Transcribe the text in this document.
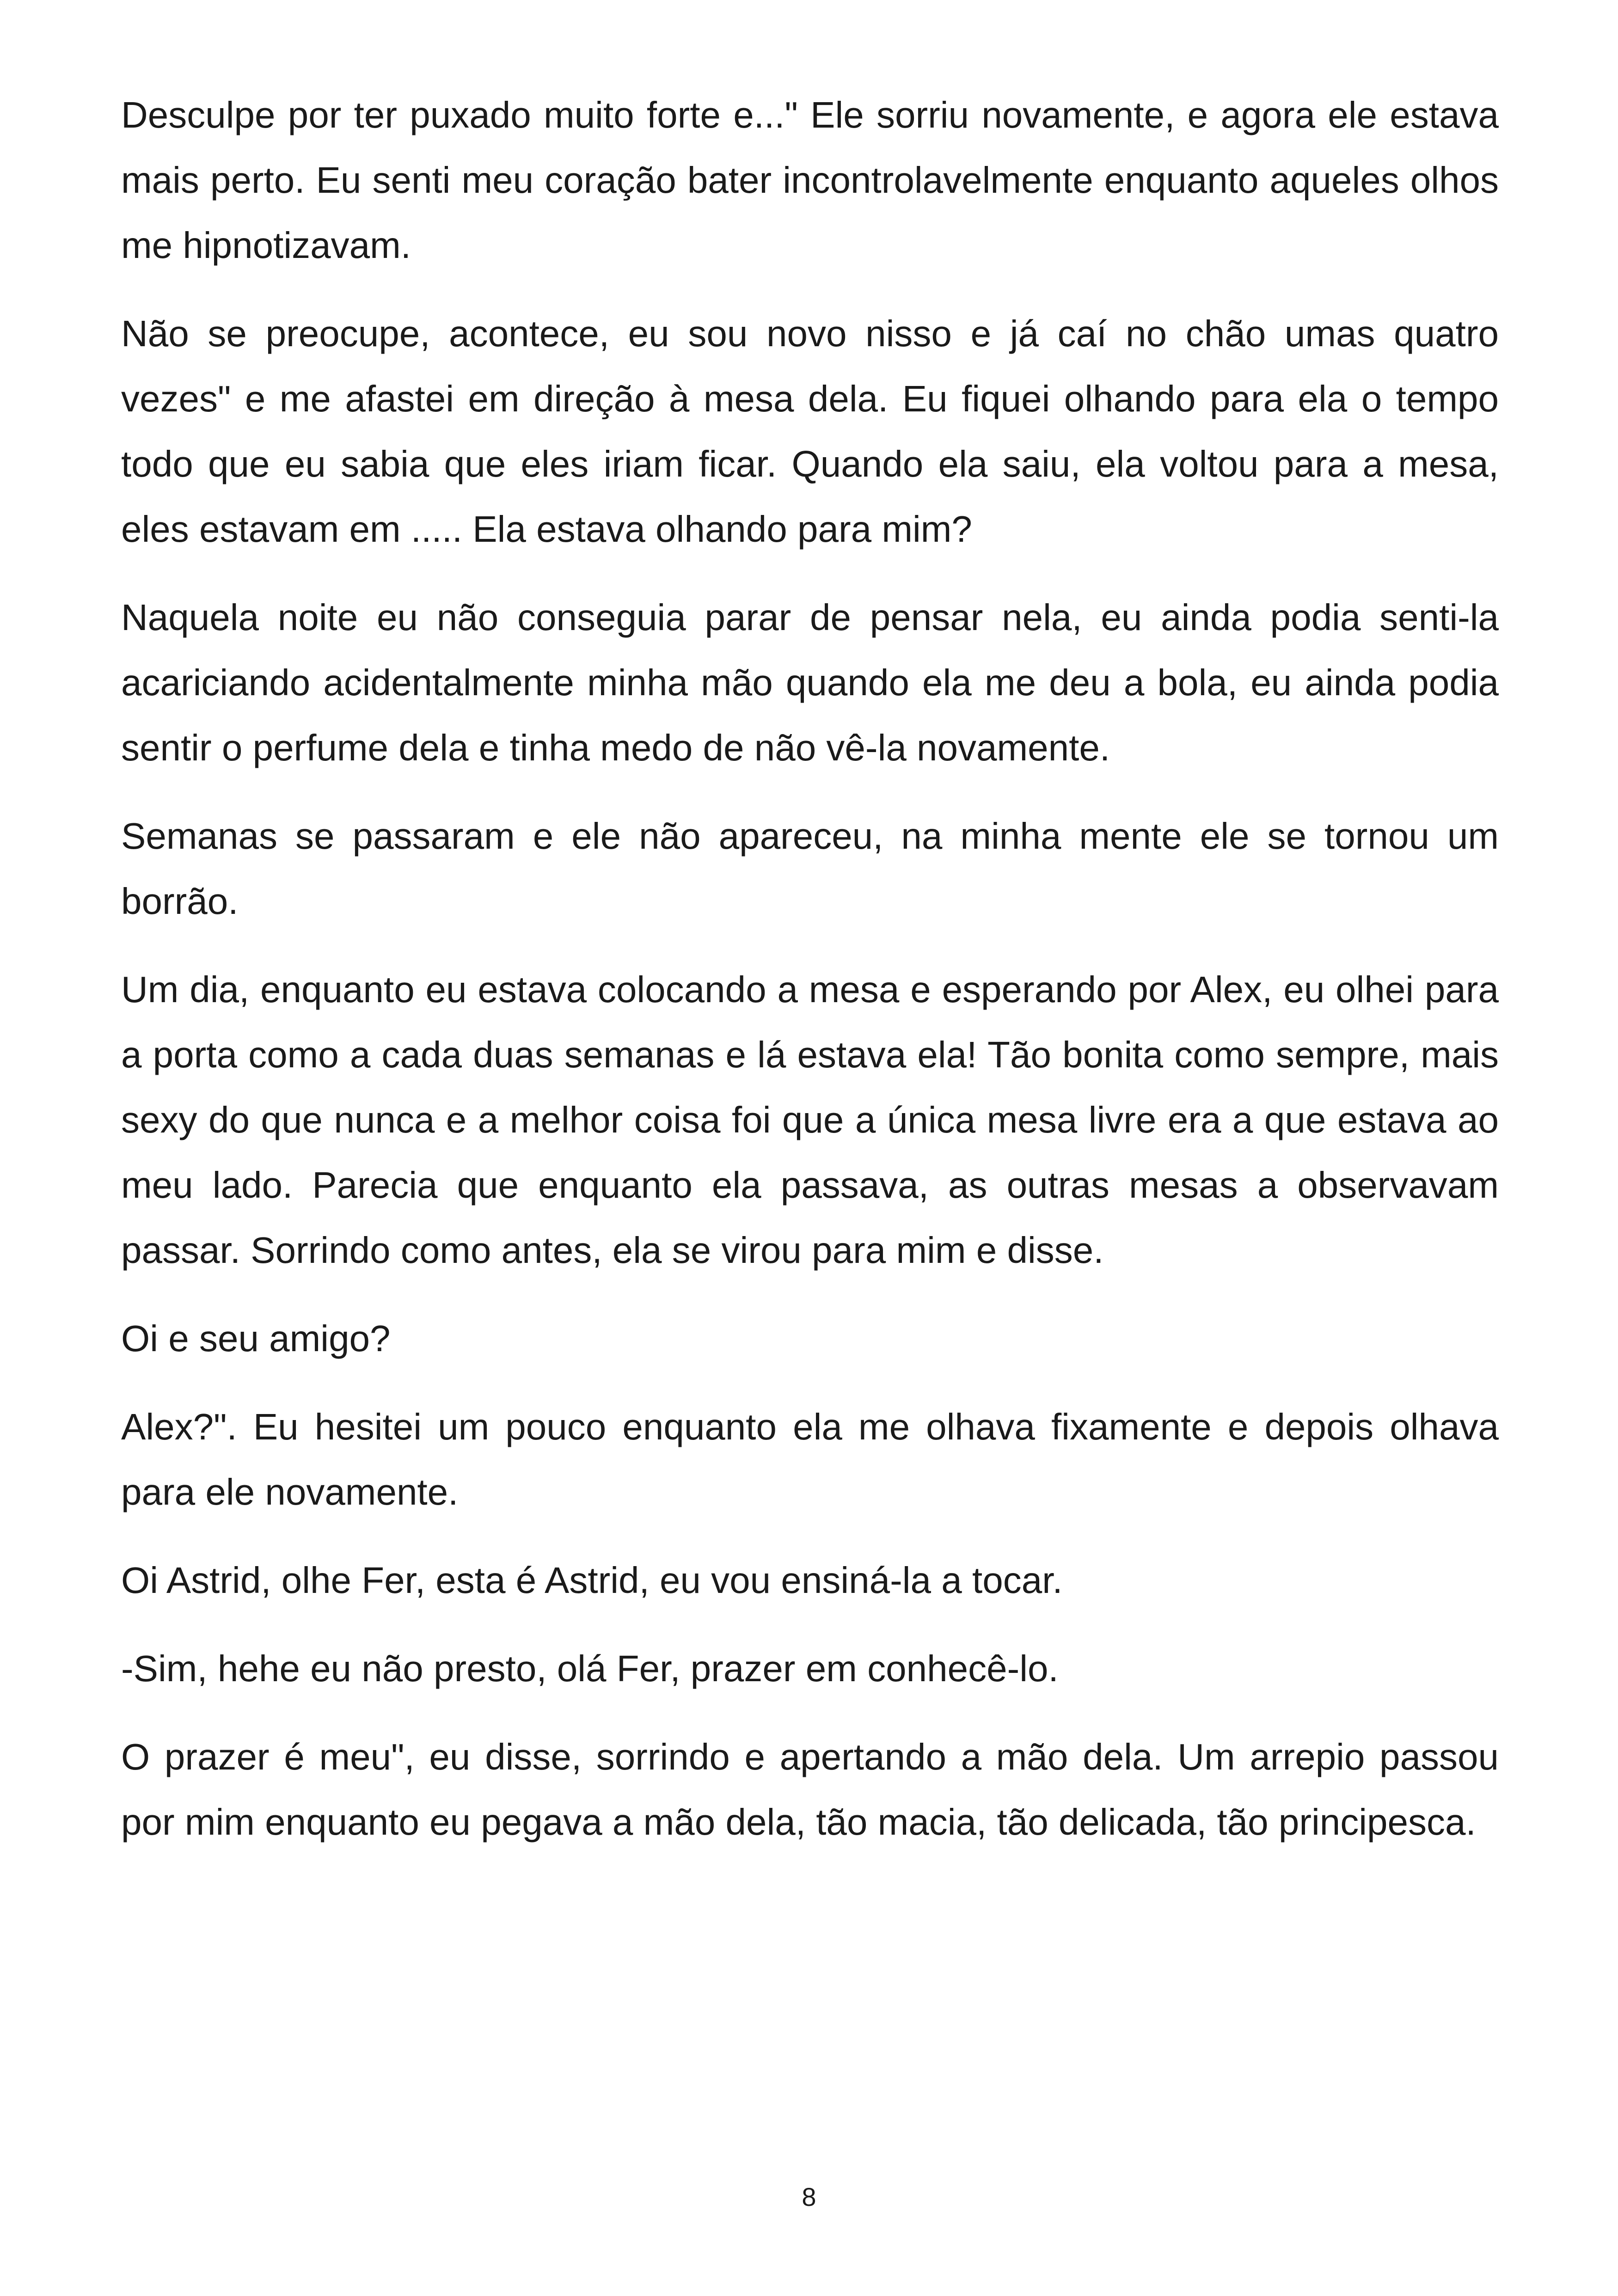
Desculpe por ter puxado muito forte e..." Ele sorriu novamente, e agora ele estava mais perto. Eu senti meu coração bater incontrolavelmente enquanto aqueles olhos me hipnotizavam.

Não se preocupe, acontece, eu sou novo nisso e já caí no chão umas quatro vezes" e me afastei em direção à mesa dela. Eu fiquei olhando para ela o tempo todo que eu sabia que eles iriam ficar. Quando ela saiu, ela voltou para a mesa, eles estavam em ..... Ela estava olhando para mim?

Naquela noite eu não conseguia parar de pensar nela, eu ainda podia senti-la acariciando acidentalmente minha mão quando ela me deu a bola, eu ainda podia sentir o perfume dela e tinha medo de não vê-la novamente.

Semanas se passaram e ele não apareceu, na minha mente ele se tornou um borrão.

Um dia, enquanto eu estava colocando a mesa e esperando por Alex, eu olhei para a porta como a cada duas semanas e lá estava ela! Tão bonita como sempre, mais sexy do que nunca e a melhor coisa foi que a única mesa livre era a que estava ao meu lado. Parecia que enquanto ela passava, as outras mesas a observavam passar. Sorrindo como antes, ela se virou para mim e disse.

Oi e seu amigo?

Alex?". Eu hesitei um pouco enquanto ela me olhava fixamente e depois olhava para ele novamente.

Oi Astrid, olhe Fer, esta é Astrid, eu vou ensiná-la a tocar.

-Sim, hehe eu não presto, olá Fer, prazer em conhecê-lo.

O prazer é meu", eu disse, sorrindo e apertando a mão dela. Um arrepio passou por mim enquanto eu pegava a mão dela, tão macia, tão delicada, tão principesca.

8
